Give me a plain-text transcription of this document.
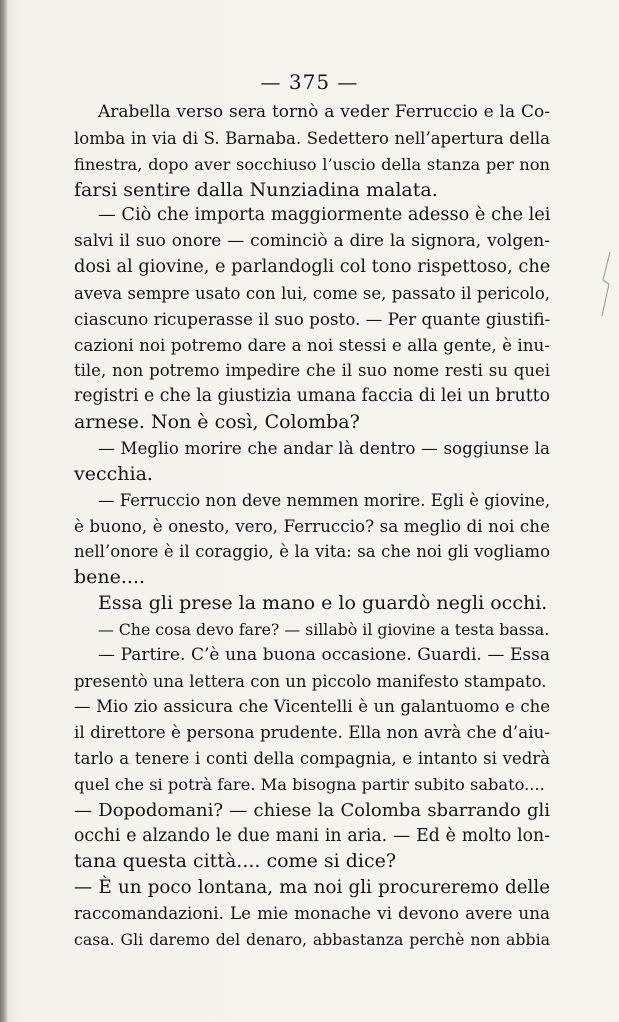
— 375 —
Arabella verso sera tornò a veder Ferruccio e la Co-
lomba in via di S. Barnaba. Sedettero nell’apertura della
finestra, dopo aver socchiuso l’uscio della stanza per non
farsi sentire dalla Nunziadina malata.
— Ciò che importa maggiormente adesso è che lei
salvi il suo onore — cominciò a dire la signora, volgen-
dosi al giovine, e parlandogli col tono rispettoso, che
aveva sempre usato con lui, come se, passato il pericolo,
ciascuno ricuperasse il suo posto. — Per quante giustifi-
cazioni noi potremo dare a noi stessi e alla gente, è inu-
tile, non potremo impedire che il suo nome resti su quei
registri e che la giustizia umana faccia di lei un brutto
arnese. Non è così, Colomba?
— Meglio morire che andar là dentro — soggiunse la
vecchia.
— Ferruccio non deve nemmen morire. Egli è giovine,
è buono, è onesto, vero, Ferruccio? sa meglio di noi che
nell’onore è il coraggio, è la vita: sa che noi gli vogliamo
bene....
Essa gli prese la mano e lo guardò negli occhi.
— Che cosa devo fare? — sillabò il giovine a testa bassa.
— Partire. C’è una buona occasione. Guardi. — Essa
presentò una lettera con un piccolo manifesto stampato.
— Mio zio assicura che Vicentelli è un galantuomo e che
il direttore è persona prudente. Ella non avrà che d’aiu-
tarlo a tenere i conti della compagnia, e intanto si vedrà
quel che si potrà fare. Ma bisogna partir subito sabato....
— Dopodomani? — chiese la Colomba sbarrando gli
occhi e alzando le due mani in aria. — Ed è molto lon-
tana questa città.... come si dice?
— È un poco lontana, ma noi gli procureremo delle
raccomandazioni. Le mie monache vi devono avere una
casa. Gli daremo del denaro, abbastanza perchè non abbia
